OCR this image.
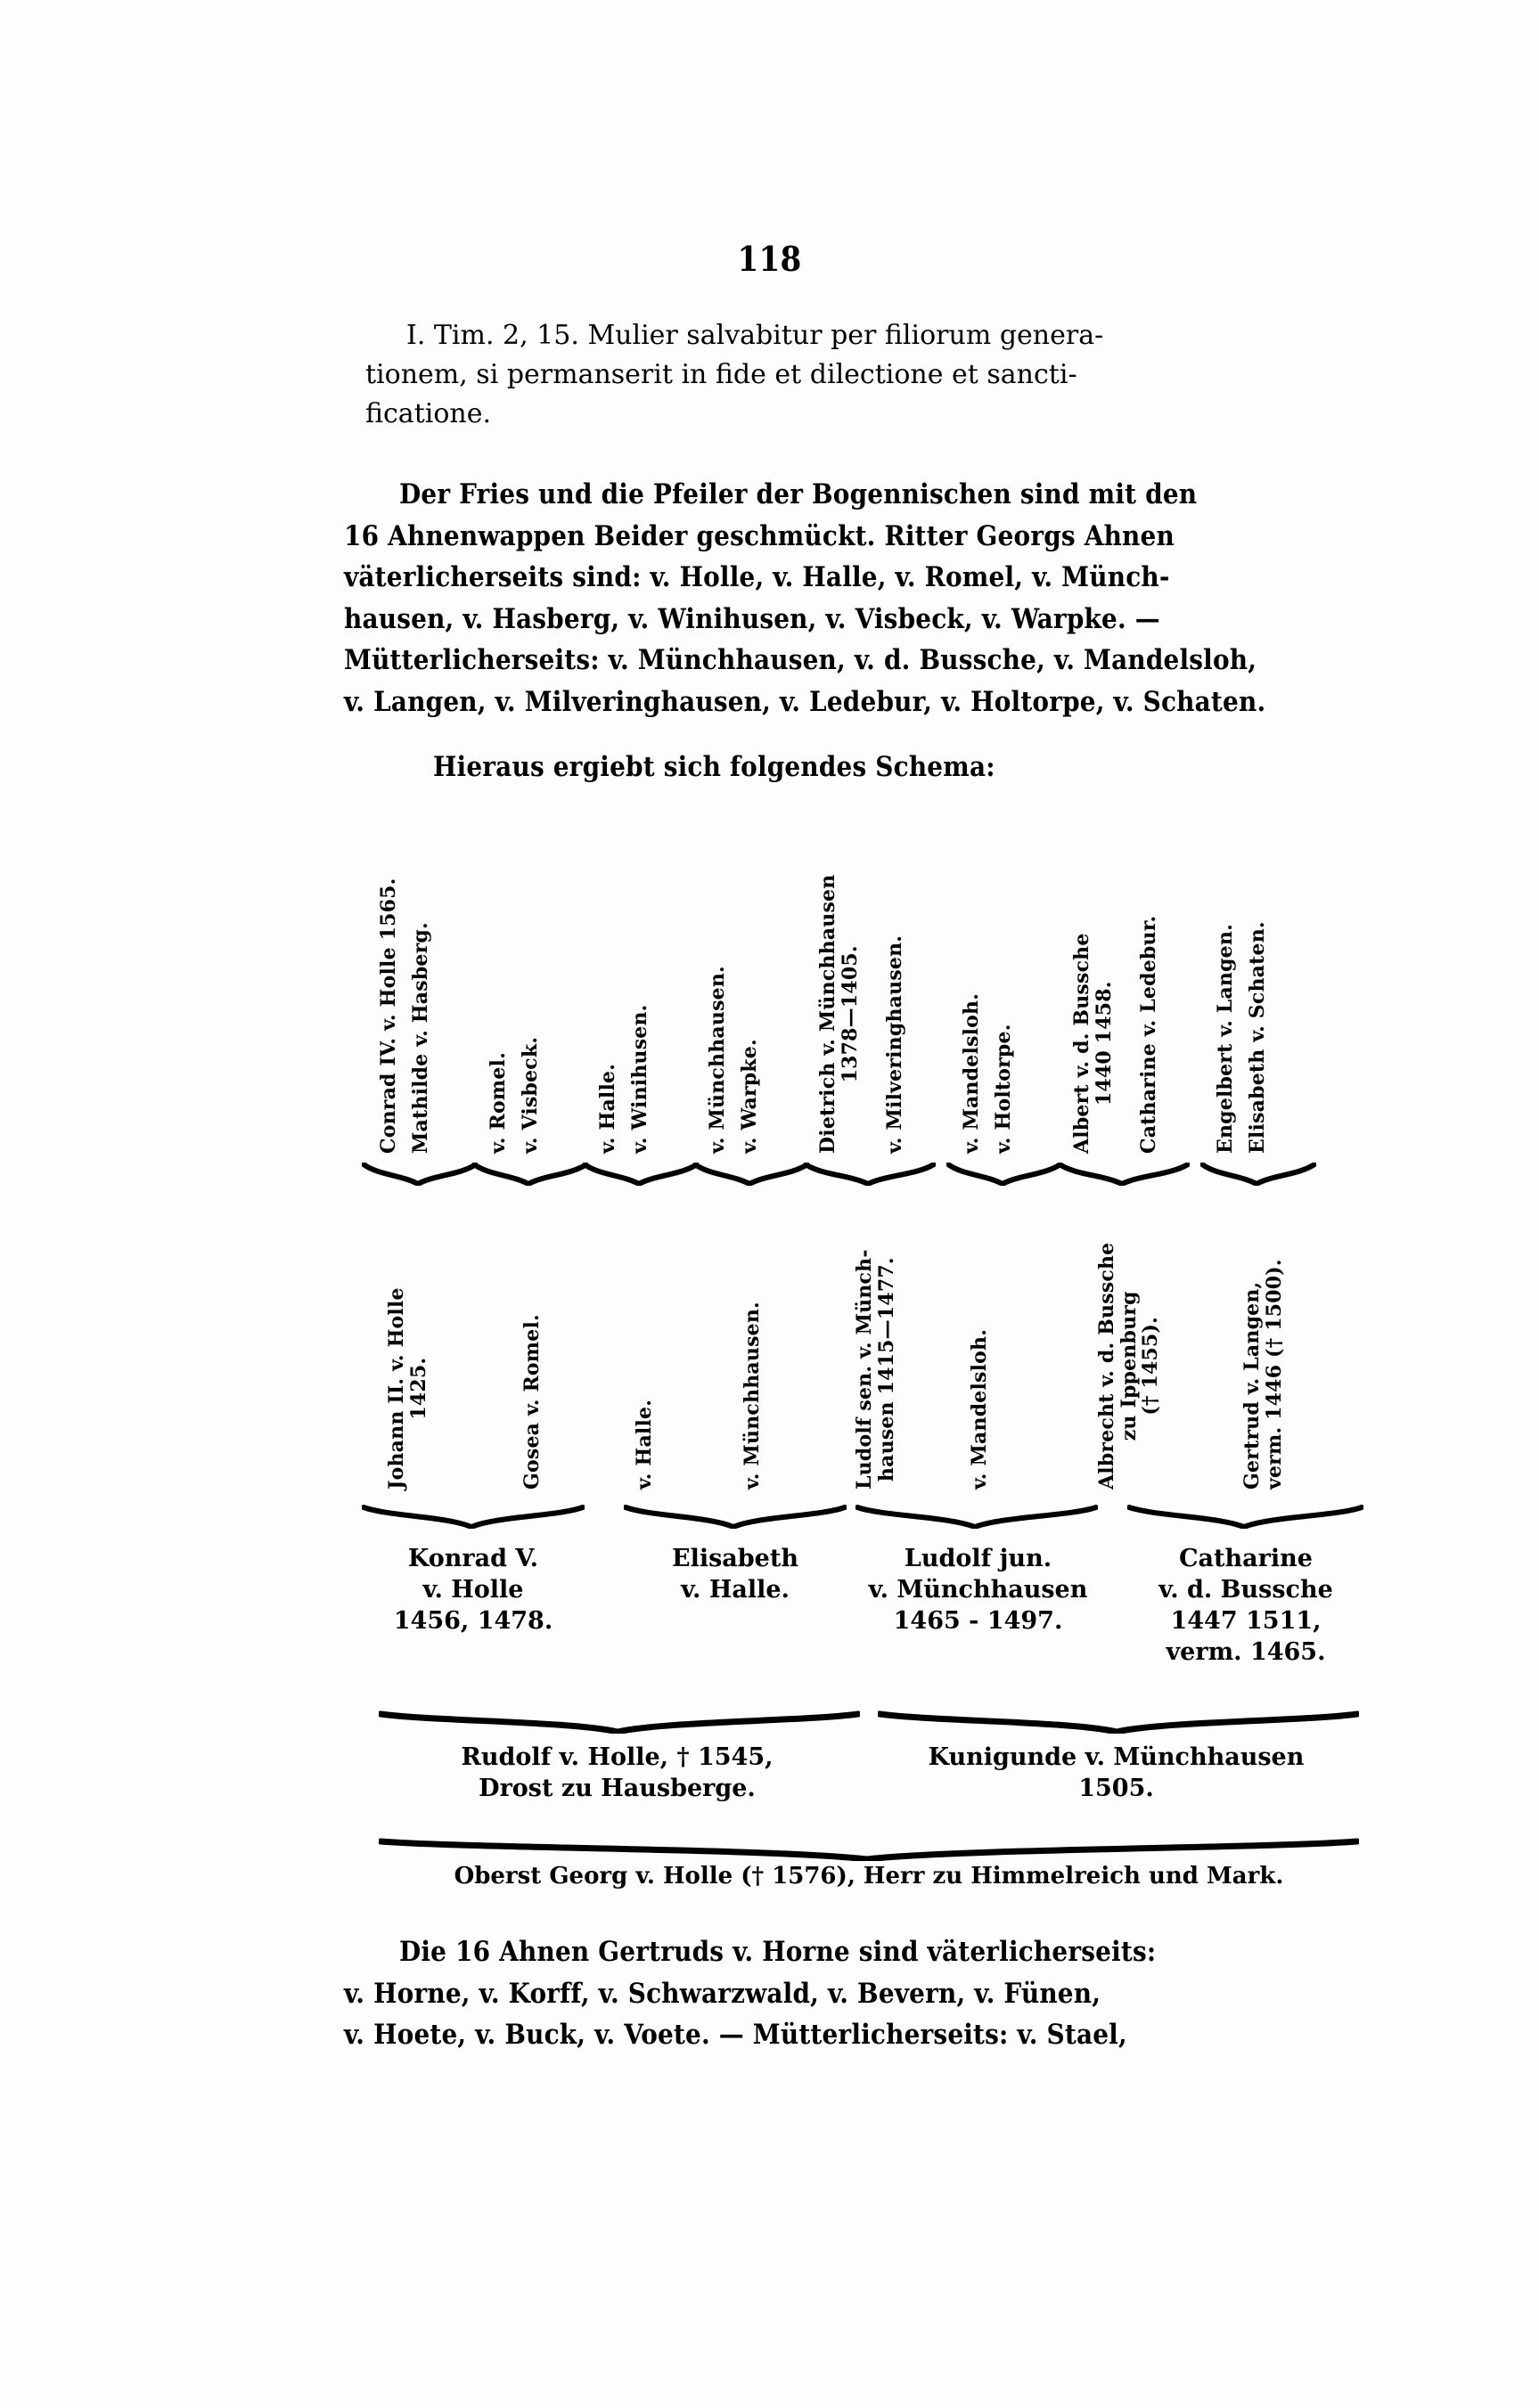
118
I. Tim. 2, 15. Mulier salvabitur per filiorum genera-
tionem, si permanserit in fide et dilectione et sancti-
ficatione.
Der Fries und die Pfeiler der Bogennischen sind mit den
16 Ahnenwappen Beider geschmückt. Ritter Georgs Ahnen
väterlicherseits sind: v. Holle, v. Halle, v. Romel, v. Münch-
hausen, v. Hasberg, v. Winihusen, v. Visbeck, v. Warpke. —
Mütterlicherseits: v. Münchhausen, v. d. Bussche, v. Mandelsloh,
v. Langen, v. Milveringhausen, v. Ledebur, v. Holtorpe, v. Schaten.
Hieraus ergiebt sich folgendes Schema:
Conrad IV. v. Holle 1565.
Mathilde v. Hasberg.	v. Romel. v. Visbeck.	v. Halle. v. Winihusen.	v. Münchhausen. v. Warpke.	Dietrich v. Münchhausen
1378—1405. v. Milveringhausen.	v. Mandelsloh. v. Holtorpe.	Albert v. d. Bussche
1440 1458. Catharine v. Ledebur.	Engelbert v. Langen. Elisabeth v. Schaten.
Johann II. v. Holle
1425.	Gosea v. Romel.	v. Halle.	v. Münchhausen.	Ludolf sen. v. Münch-
hausen 1415—1477.	v. Mandelsloh.	Albrecht v. d. Bussche
zu Ippenburg
(† 1455).	Gertrud v. Langen,
verm. 1446 († 1500).
Konrad V.
v. Holle
1456, 1478.
Elisabeth
v. Halle.
Ludolf jun.
v. Münchhausen
1465 - 1497.
Catharine
v. d. Bussche
1447 1511,
verm. 1465.
Rudolf v. Holle, † 1545,
Drost zu Hausberge.
Kunigunde v. Münchhausen
1505.
Oberst Georg v. Holle († 1576), Herr zu Himmelreich und Mark.
Die 16 Ahnen Gertruds v. Horne sind väterlicherseits:
v. Horne, v. Korff, v. Schwarzwald, v. Bevern, v. Fünen,
v. Hoete, v. Buck, v. Voete. — Mütterlicherseits: v. Stael,
